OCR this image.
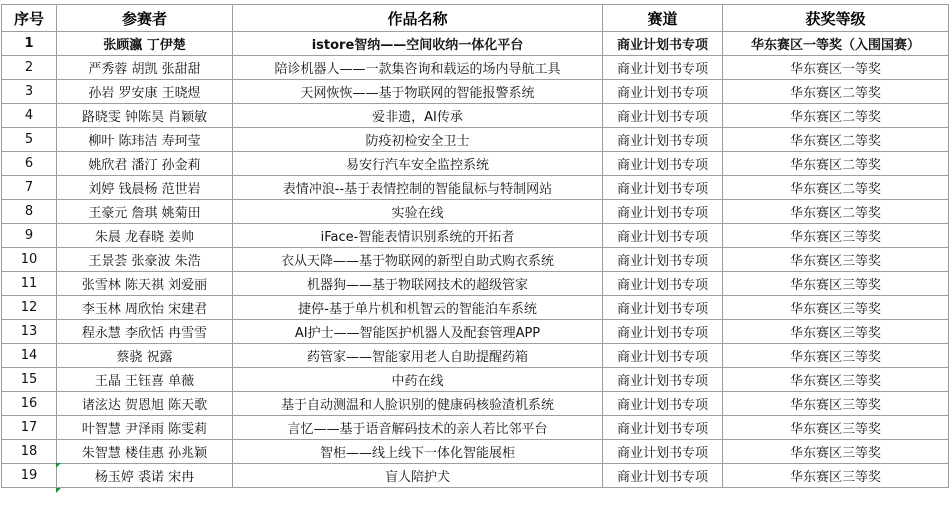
序号	参赛者	作品名称	赛道	获奖等级
1	张顾瀛 丁伊楚	istore智纳——空间收纳一体化平台	商业计划书专项	华东赛区一等奖（入围国赛）
2	严秀蓉 胡凯 张甜甜	陪诊机器人——一款集咨询和载运的场内导航工具	商业计划书专项	华东赛区一等奖
3	孙岩 罗安康 王晓煜	天网恢恢——基于物联网的智能报警系统	商业计划书专项	华东赛区二等奖
4	路晓雯 钟陈昊 肖颖敏	爱非遗，AI传承	商业计划书专项	华东赛区二等奖
5	柳叶 陈玮洁 寿珂莹	防疫初检安全卫士	商业计划书专项	华东赛区二等奖
6	姚欣君 潘汀 孙金莉	易安行汽车安全监控系统	商业计划书专项	华东赛区二等奖
7	刘婷 钱晨杨 范世岩	表情冲浪--基于表情控制的智能鼠标与特制网站	商业计划书专项	华东赛区二等奖
8	王豪元 詹琪 姚菊田	实验在线	商业计划书专项	华东赛区二等奖
9	朱晨 龙春晓 姜帅	iFace-智能表情识别系统的开拓者	商业计划书专项	华东赛区三等奖
10	王景荟 张豪波 朱浩	衣从天降——基于物联网的新型自助式购衣系统	商业计划书专项	华东赛区三等奖
11	张雪林 陈天祺 刘爱丽	机器狗——基于物联网技术的超级管家	商业计划书专项	华东赛区三等奖
12	李玉林 周欣怡 宋建君	捷停-基于单片机和机智云的智能泊车系统	商业计划书专项	华东赛区三等奖
13	程永慧 李欣恬 冉雪雪	AI护士——智能医护机器人及配套管理APP	商业计划书专项	华东赛区三等奖
14	蔡骁 祝露	药管家——智能家用老人自助提醒药箱	商业计划书专项	华东赛区三等奖
15	王晶 王钰喜 单薇	中药在线	商业计划书专项	华东赛区三等奖
16	诸泫达 贺恩旭 陈天歌	基于自动测温和人脸识别的健康码核验渣机系统	商业计划书专项	华东赛区三等奖
17	叶智慧 尹泽雨 陈雯莉	言忆——基于语音解码技术的亲人若比邻平台	商业计划书专项	华东赛区三等奖
18	朱智慧 楼佳惠 孙兆颖	智柜——线上线下一体化智能展柜	商业计划书专项	华东赛区三等奖
19	杨玉婷 裘诺 宋冉	盲人陪护犬	商业计划书专项	华东赛区三等奖
